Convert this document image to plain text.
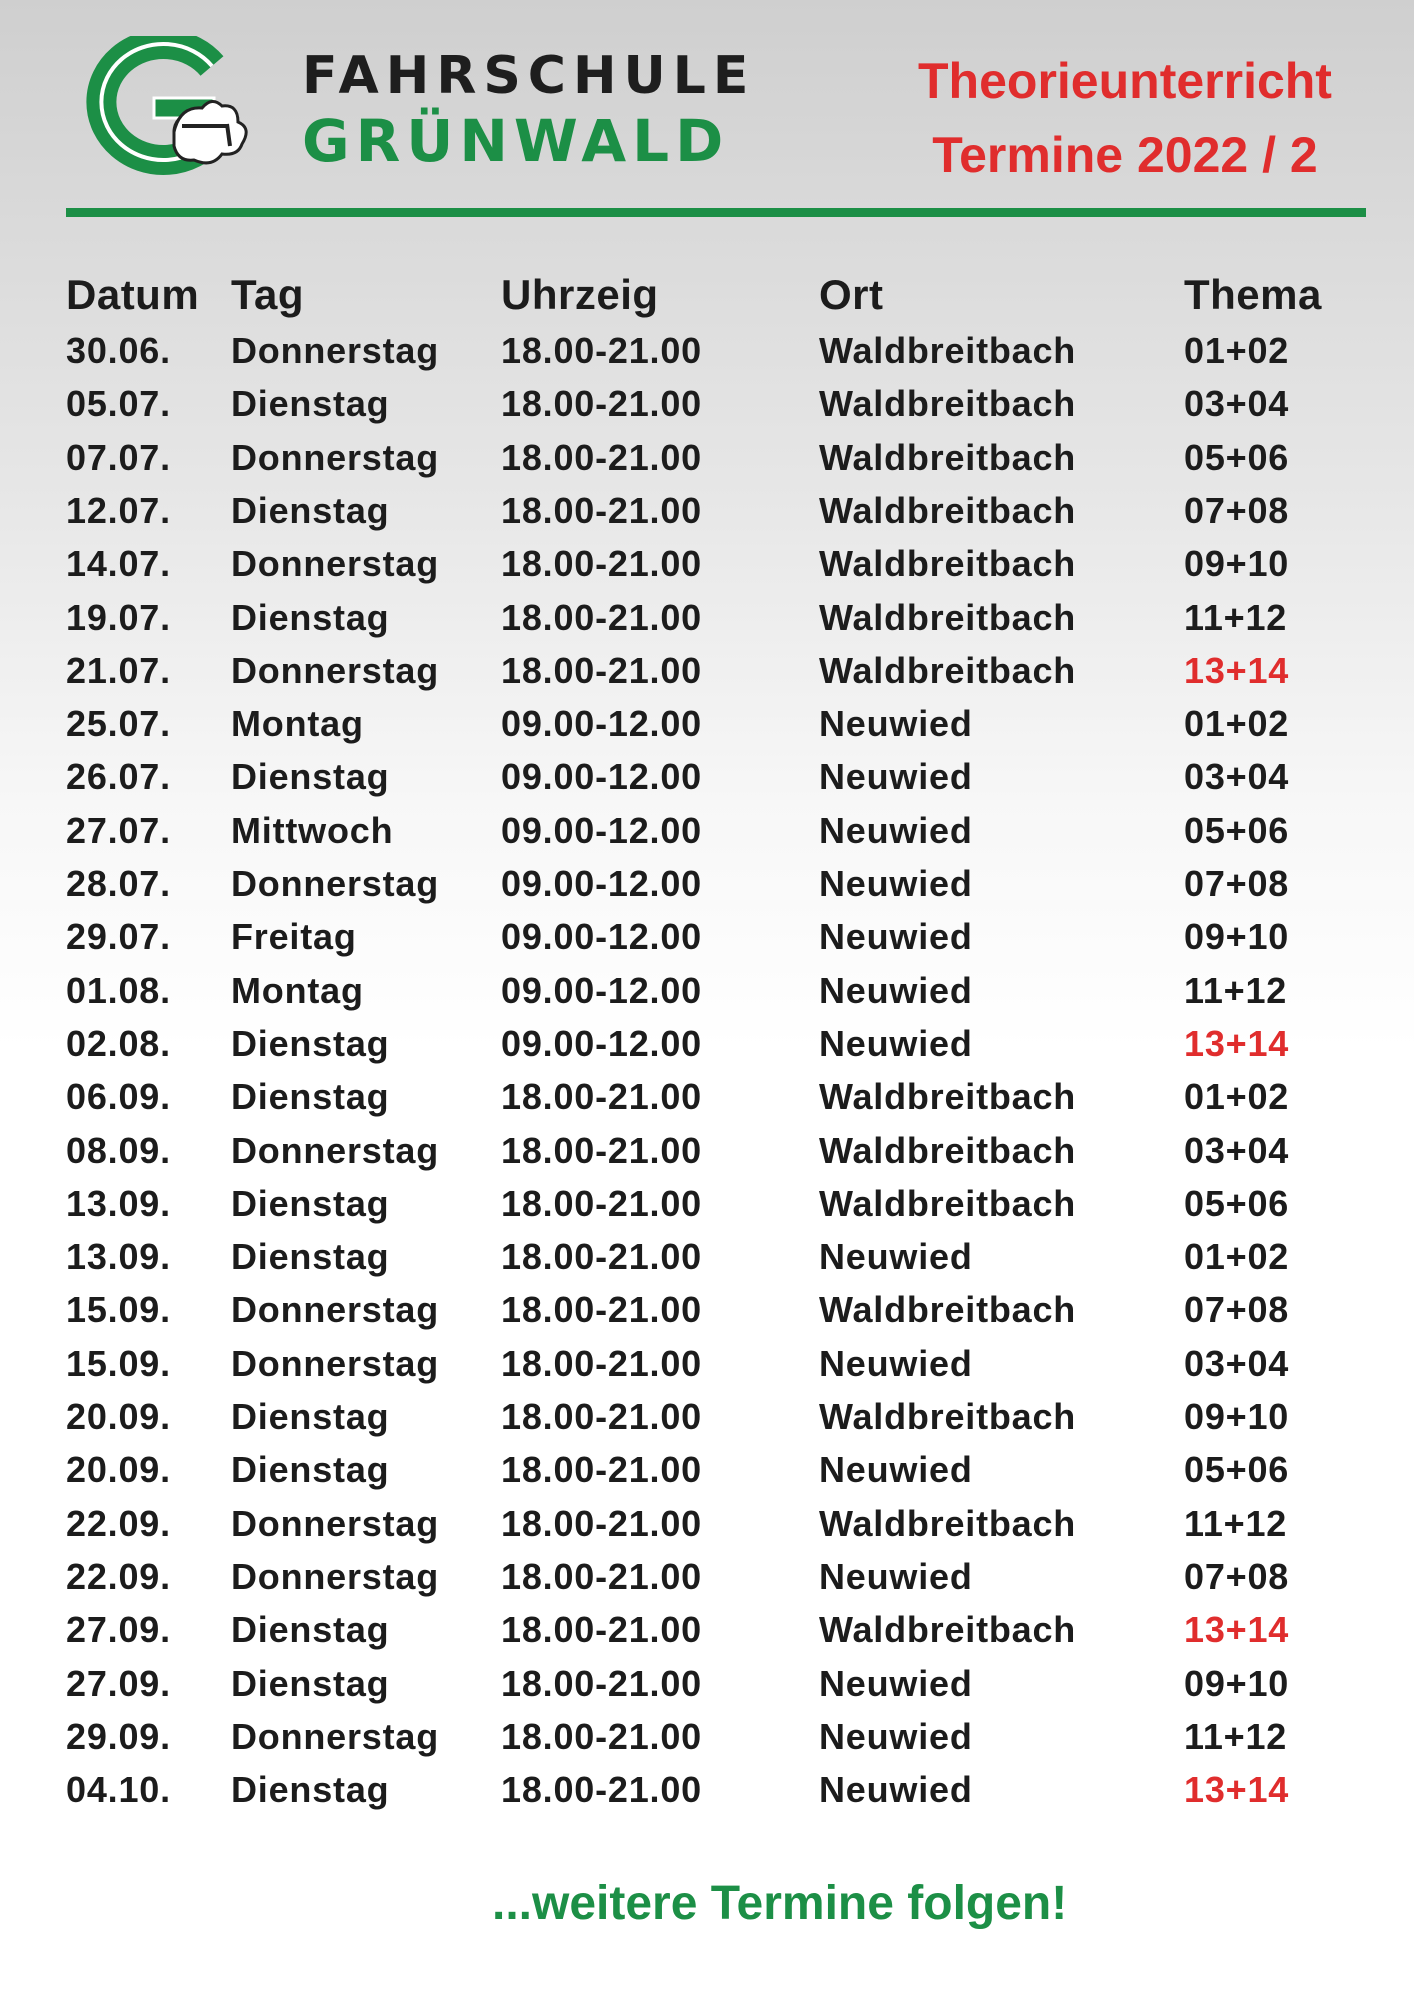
FAHRSCHULE
GRÜNWALD
Theorieunterricht
Termine 2022 / 2
Datum Tag	Uhrzeig	Ort	Thema
30.06. Donnerstag 18.00-21.00	Waldbreitbach	01+02
05.07. Dienstag	18.00-21.00	Waldbreitbach	03+04
07.07. Donnerstag 18.00-21.00	Waldbreitbach	05+06
12.07. Dienstag	18.00-21.00	Waldbreitbach	07+08
14.07. Donnerstag 18.00-21.00	Waldbreitbach	09+10
19.07. Dienstag	18.00-21.00	Waldbreitbach	11+12
21.07. Donnerstag 18.00-21.00	Waldbreitbach	13+14
25.07. Montag	09.00-12.00	Neuwied	01+02
26.07. Dienstag	09.00-12.00	Neuwied	03+04
27.07. Mittwoch	09.00-12.00	Neuwied	05+06
28.07. Donnerstag 09.00-12.00	Neuwied	07+08
29.07. Freitag	09.00-12.00	Neuwied	09+10
01.08. Montag	09.00-12.00	Neuwied	11+12
02.08. Dienstag	09.00-12.00	Neuwied	13+14
06.09. Dienstag	18.00-21.00	Waldbreitbach	01+02
08.09. Donnerstag 18.00-21.00	Waldbreitbach	03+04
13.09. Dienstag	18.00-21.00	Waldbreitbach	05+06
13.09. Dienstag	18.00-21.00	Neuwied	01+02
15.09. Donnerstag 18.00-21.00	Waldbreitbach	07+08
15.09. Donnerstag 18.00-21.00	Neuwied	03+04
20.09. Dienstag	18.00-21.00	Waldbreitbach	09+10
20.09. Dienstag	18.00-21.00	Neuwied	05+06
22.09. Donnerstag 18.00-21.00	Waldbreitbach	11+12
22.09. Donnerstag 18.00-21.00	Neuwied	07+08
27.09. Dienstag	18.00-21.00	Waldbreitbach	13+14
27.09. Dienstag	18.00-21.00	Neuwied	09+10
29.09. Donnerstag 18.00-21.00	Neuwied	11+12
04.10. Dienstag	18.00-21.00	Neuwied	13+14
...weitere Termine folgen!
